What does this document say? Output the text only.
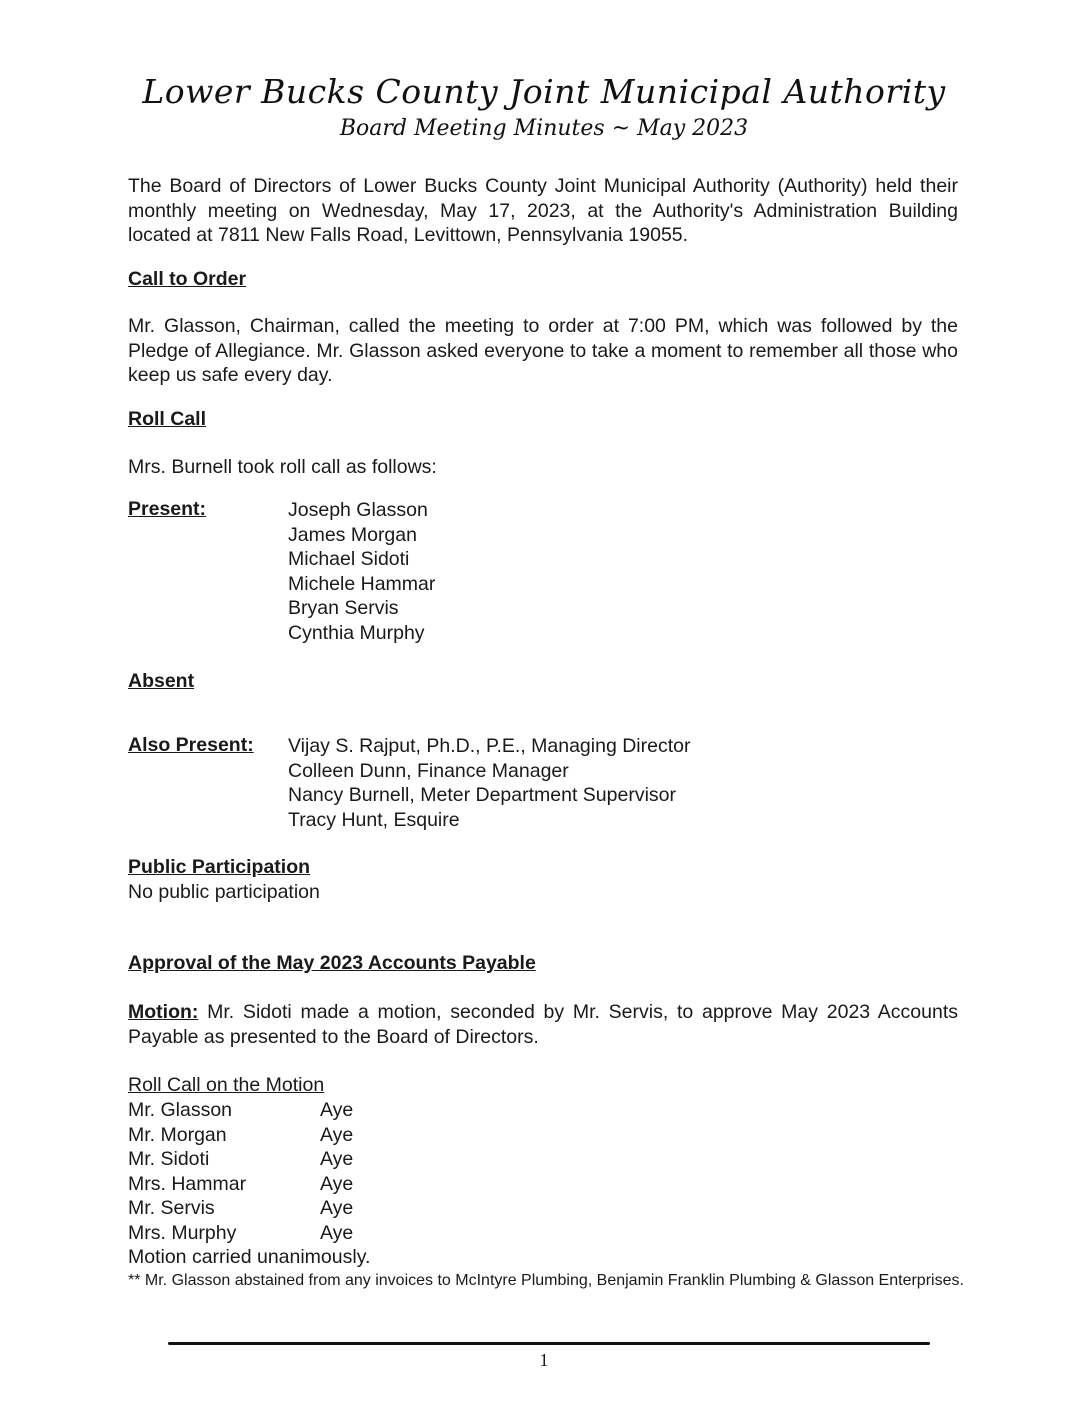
Lower Bucks County Joint Municipal Authority
Board Meeting Minutes ~ May 2023
The Board of Directors of Lower Bucks County Joint Municipal Authority (Authority) held their monthly meeting on Wednesday, May 17, 2023, at the Authority's Administration Building located at 7811 New Falls Road, Levittown, Pennsylvania 19055.
Call to Order
Mr. Glasson, Chairman, called the meeting to order at 7:00 PM, which was followed by the Pledge of Allegiance. Mr. Glasson asked everyone to take a moment to remember all those who keep us safe every day.
Roll Call
Mrs. Burnell took roll call as follows:
Present:	Joseph Glasson
James Morgan
Michael Sidoti
Michele Hammar
Bryan Servis
Cynthia Murphy
Absent
Also Present: Vijay S. Rajput, Ph.D., P.E., Managing Director
Colleen Dunn, Finance Manager
Nancy Burnell, Meter Department Supervisor
Tracy Hunt, Esquire
Public Participation
No public participation
Approval of the May 2023 Accounts Payable
Motion: Mr. Sidoti made a motion, seconded by Mr. Servis, to approve May 2023 Accounts Payable as presented to the Board of Directors.
Roll Call on the Motion
Mr. Glasson	Aye
Mr. Morgan	Aye
Mr. Sidoti	Aye
Mrs. Hammar	Aye
Mr. Servis	Aye
Mrs. Murphy	Aye
Motion carried unanimously.
** Mr. Glasson abstained from any invoices to McIntyre Plumbing, Benjamin Franklin Plumbing & Glasson Enterprises.
1
